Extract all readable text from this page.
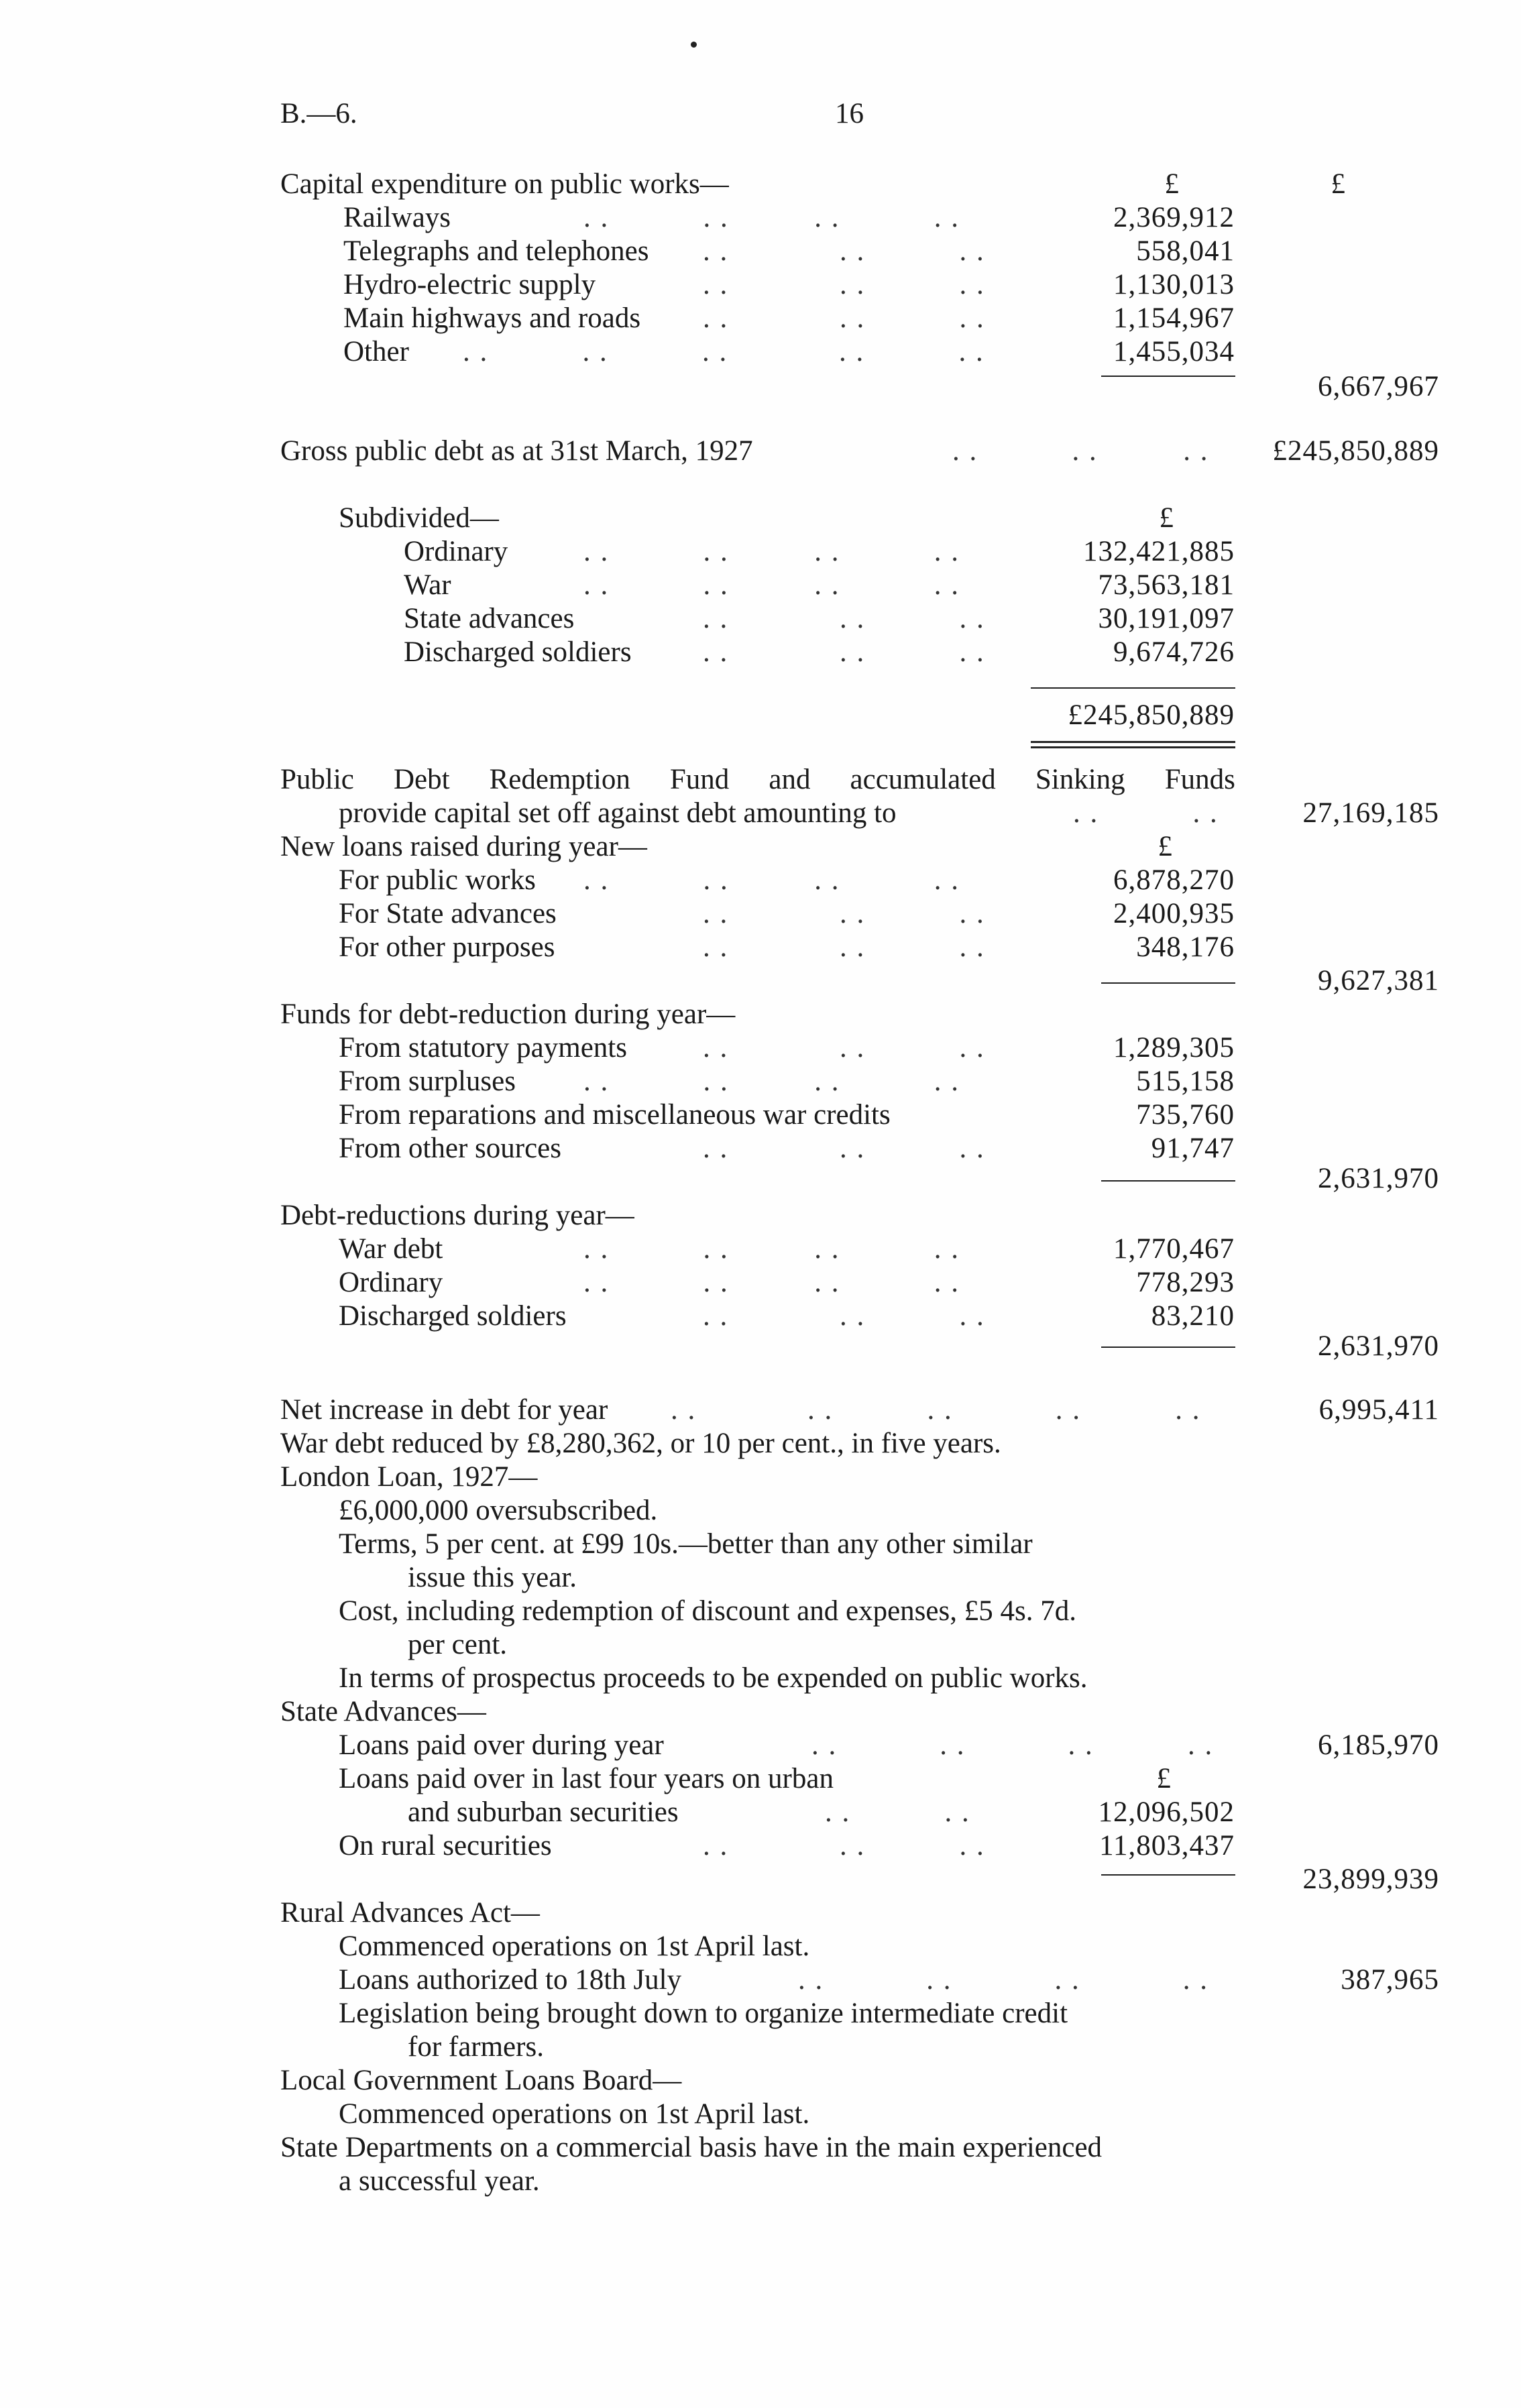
B.—6.	16
Capital expenditure on public works—	£	£
Railways	. .           . .          . .           . .	2,369,912
Telegraphs and telephones . .             . .           . .	558,041
Hydro-electric supply	. .             . .           . .	1,130,013
Main highways and roads . .             . .           . .	1,154,967
Other . .           . .           . .             . .           . .	1,455,034
6,667,967
Gross public debt as at 31st March, 1927	. .           . .          . . £245,850,889
Subdivided—	£
Ordinary	. .           . .          . .           . .	132,421,885
War	. .           . .          . .           . .	73,563,181
State advances	. .             . .           . .	30,191,097
Discharged soldiers . .             . .           . .	9,674,726
£245,850,889
Public Debt Redemption Fund and accumulated Sinking Funds
provide capital set off against debt amounting to	. .           . .	27,169,185
New loans raised during year—	£
For public works . .           . .          . .           . .	6,878,270
For State advances	. .             . .           . .	2,400,935
For other purposes	. .             . .           . .	348,176
9,627,381
Funds for debt-reduction during year—
From statutory payments	. .             . .           . .	1,289,305
From surpluses . .           . .          . .           . .	515,158
From reparations and miscellaneous war credits	735,760
From other sources	. .             . .           . .	91,747
2,631,970
Debt-reductions during year—
War debt	. .           . .          . .           . .	1,770,467
Ordinary	. .           . .          . .           . .	778,293
Discharged soldiers	. .             . .           . .	83,210
2,631,970
Net increase in debt for year . .             . .           . .            . .           . .	6,995,411
War debt reduced by £8,280,362, or 10 per cent., in five years.
London Loan, 1927—
£6,000,000 oversubscribed.
Terms, 5 per cent. at £99 10s.—better than any other similar
issue this year.
Cost, including redemption of discount and expenses, £5 4s. 7d.
per cent.
In terms of prospectus proceeds to be expended on public works.
State Advances—
Loans paid over during year	. .            . .            . .           . .	6,185,970
Loans paid over in last four years on urban	£
and suburban securities	. .           . .	12,096,502
On rural securities	. .             . .           . .	11,803,437
23,899,939
Rural Advances Act—
Commenced operations on 1st April last.
Loans authorized to 18th July	. .            . .            . .            . .	387,965
Legislation being brought down to organize intermediate credit
for farmers.
Local Government Loans Board—
Commenced operations on 1st April last.
State Departments on a commercial basis have in the main experienced
a successful year.
